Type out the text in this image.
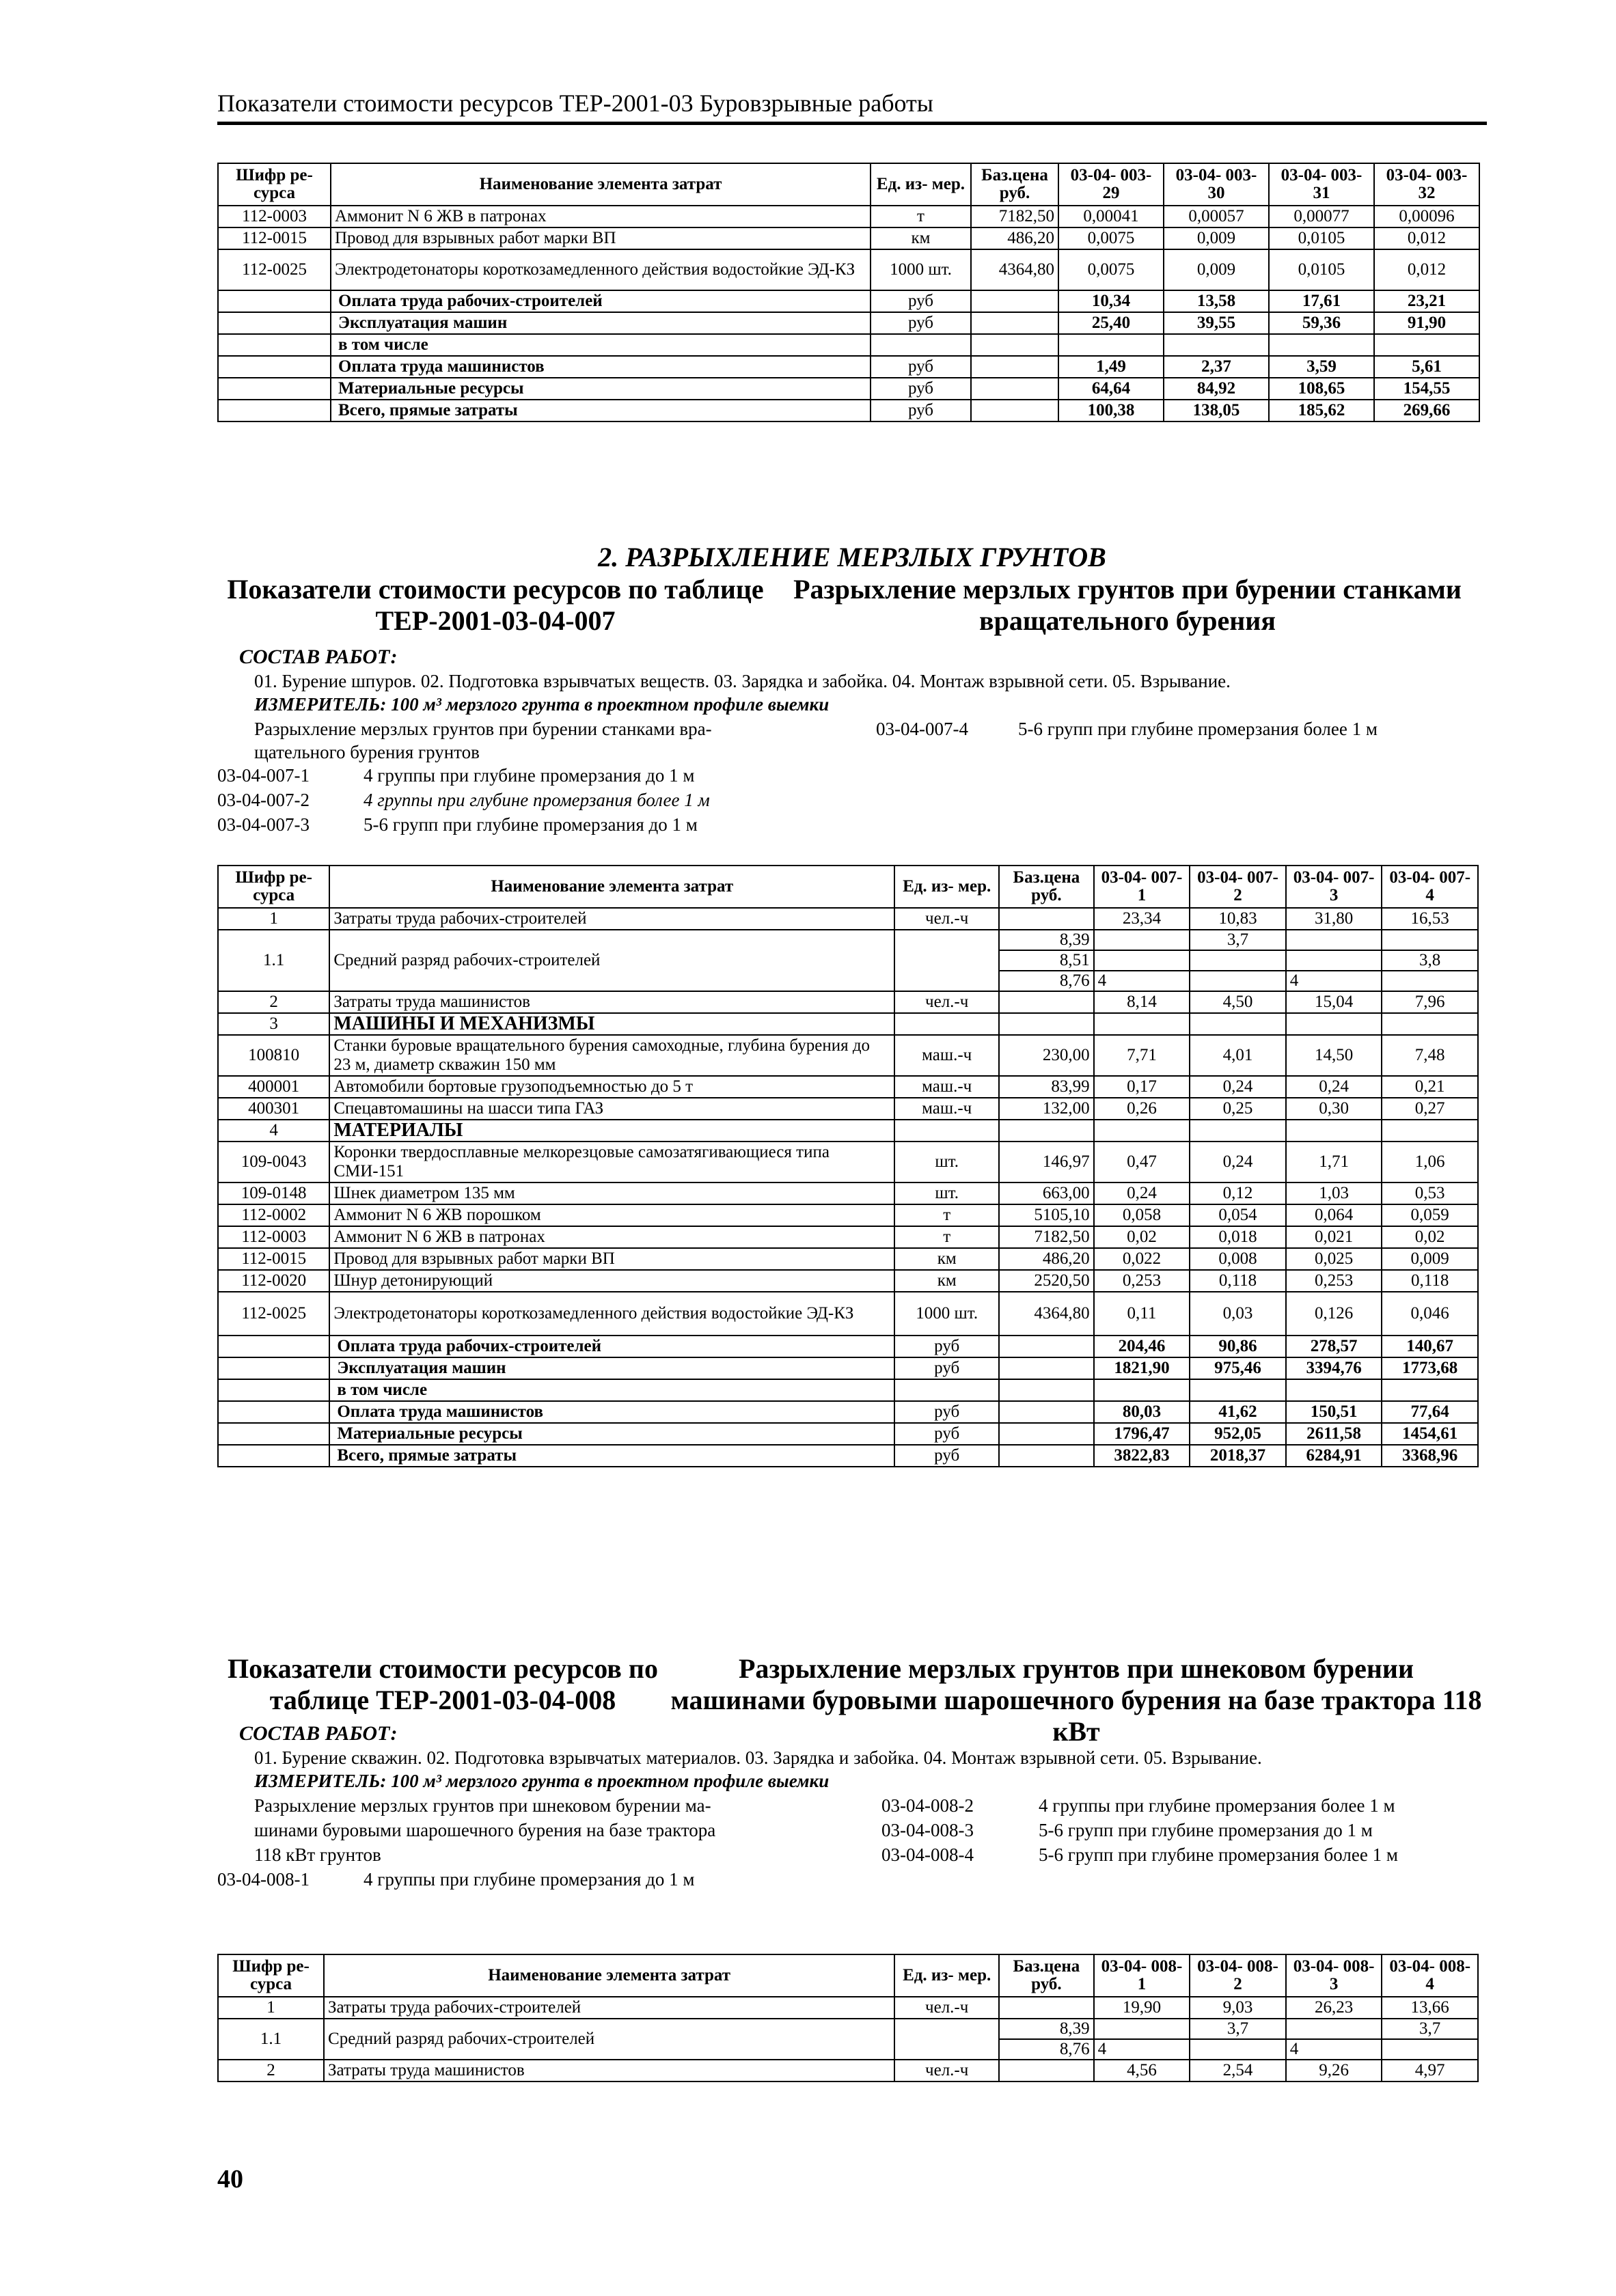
Показатели стоимости ресурсов ТЕР-2001-03 Буровзрывные работы
Шифр ре- сурса	Наименование элемента затрат	Ед. из- мер.	Баз.цена руб.	03-04- 003-29	03-04- 003-30	03-04- 003-31	03-04- 003-32
112-0003	Аммонит N 6 ЖВ в патронах	т	7182,50	0,00041	0,00057	0,00077	0,00096
112-0015	Провод для взрывных работ марки ВП	км	486,20	0,0075	0,009	0,0105	0,012
112-0025	Электродетонаторы короткозамедленного действия водостойкие ЭД-КЗ	1000 шт.	4364,80	0,0075	0,009	0,0105	0,012
	Оплата труда рабочих-строителей	руб		10,34	13,58	17,61	23,21
	Эксплуатация машин	руб		25,40	39,55	59,36	91,90
	в том числе						
	Оплата труда машинистов	руб		1,49	2,37	3,59	5,61
	Материальные ресурсы	руб		64,64	84,92	108,65	154,55
	Всего, прямые затраты	руб		100,38	138,05	185,62	269,66
2. РАЗРЫХЛЕНИЕ МЕРЗЛЫХ ГРУНТОВ
Показатели стоимости ресурсов по таблице ТЕР-2001-03-04-007
Разрыхление мерзлых грунтов при бурении станками вращательного бурения
СОСТАВ РАБОТ:
01. Бурение шпуров. 02. Подготовка взрывчатых веществ. 03. Зарядка и забойка. 04. Монтаж взрывной сети. 05. Взрывание.
ИЗМЕРИТЕЛЬ: 100 м³ мерзлого грунта в проектном профиле выемки
Разрыхление мерзлых грунтов при бурении станками вра-	03-04-007-4	5-6 групп при глубине промерзания более 1 м
щательного бурения грунтов
03-04-007-1	4 группы при глубине промерзания до 1 м
03-04-007-2	4 группы при глубине промерзания более 1 м
03-04-007-3	5-6 групп при глубине промерзания до 1 м
Шифр ре- сурса	Наименование элемента затрат	Ед. из- мер.	Баз.цена руб.	03-04- 007-1	03-04- 007-2	03-04- 007-3	03-04- 007-4
1	Затраты труда рабочих-строителей	чел.-ч		23,34	10,83	31,80	16,53
1.1	Средний разряд рабочих-строителей		8,39		3,7		
			8,51				3,8
			8,76	4		4	
2	Затраты труда машинистов	чел.-ч		8,14	4,50	15,04	7,96
3	МАШИНЫ И МЕХАНИЗМЫ						
100810	Станки буровые вращательного бурения самоходные, глубина бурения до 23 м, диаметр скважин 150 мм	маш.-ч	230,00	7,71	4,01	14,50	7,48
400001	Автомобили бортовые грузоподъемностью до 5 т	маш.-ч	83,99	0,17	0,24	0,24	0,21
400301	Спецавтомашины на шасси типа ГАЗ	маш.-ч	132,00	0,26	0,25	0,30	0,27
4	МАТЕРИАЛЫ						
109-0043	Коронки твердосплавные мелкорезцовые самозатягивающиеся типа СМИ-151	шт.	146,97	0,47	0,24	1,71	1,06
109-0148	Шнек диаметром 135 мм	шт.	663,00	0,24	0,12	1,03	0,53
112-0002	Аммонит N 6 ЖВ порошком	т	5105,10	0,058	0,054	0,064	0,059
112-0003	Аммонит N 6 ЖВ в патронах	т	7182,50	0,02	0,018	0,021	0,02
112-0015	Провод для взрывных работ марки ВП	км	486,20	0,022	0,008	0,025	0,009
112-0020	Шнур детонирующий	км	2520,50	0,253	0,118	0,253	0,118
112-0025	Электродетонаторы короткозамедленного действия водостойкие ЭД-КЗ	1000 шт.	4364,80	0,11	0,03	0,126	0,046
	Оплата труда рабочих-строителей	руб		204,46	90,86	278,57	140,67
	Эксплуатация машин	руб		1821,90	975,46	3394,76	1773,68
	в том числе						
	Оплата труда машинистов	руб		80,03	41,62	150,51	77,64
	Материальные ресурсы	руб		1796,47	952,05	2611,58	1454,61
	Всего, прямые затраты	руб		3822,83	2018,37	6284,91	3368,96
Показатели стоимости ресурсов по таблице ТЕР-2001-03-04-008
Разрыхление мерзлых грунтов при шнековом бурении машинами буровыми шарошечного бурения на базе трактора 118 кВт
СОСТАВ РАБОТ:
01. Бурение скважин. 02. Подготовка взрывчатых материалов. 03. Зарядка и забойка. 04. Монтаж взрывной сети. 05. Взрывание.
ИЗМЕРИТЕЛЬ: 100 м³ мерзлого грунта в проектном профиле выемки
Разрыхление мерзлых грунтов при шнековом бурении ма-
шинами буровыми шарошечного бурения на базе трактора
118 кВт грунтов
03-04-008-2	4 группы при глубине промерзания более 1 м
03-04-008-3	5-6 групп при глубине промерзания до 1 м
03-04-008-4	5-6 групп при глубине промерзания более 1 м
03-04-008-1	4 группы при глубине промерзания до 1 м
Шифр ре- сурса	Наименование элемента затрат	Ед. из- мер.	Баз.цена руб.	03-04- 008-1	03-04- 008-2	03-04- 008-3	03-04- 008-4
1	Затраты труда рабочих-строителей	чел.-ч		19,90	9,03	26,23	13,66
1.1	Средний разряд рабочих-строителей		8,39		3,7		3,7
			8,76	4		4	
2	Затраты труда машинистов	чел.-ч		4,56	2,54	9,26	4,97
40
